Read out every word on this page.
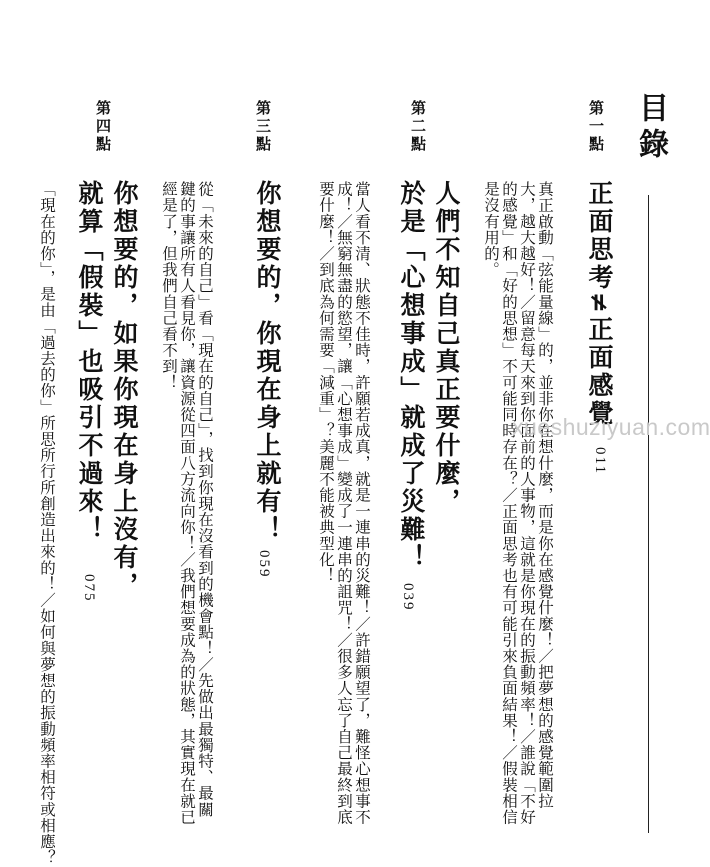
目錄
第一點
正面思考≠正面感覺
011
真正啟動「弦能量線」的，並非你在想什麼，而是你在感覺什麼！／把夢想的感覺範圍拉
大，越大越好！／留意每天來到你面前的人事物，這就是你現在的振動頻率！／誰說「不好
的感覺」和「好的思想」不可能同時存在？／正面思考也有可能引來負面結果！／假裝相信
是沒有用的。
第二點
人們不知自己真正要什麼，
於是「心想事成」就成了災難！
039
當人看不清、狀態不佳時，許願若成真，就是一連串的災難！／許錯願望了，難怪心想事不
成！／無窮無盡的慾望，讓「心想事成」變成了一連串的詛咒！／很多人忘了自己最終到底
要什麼！／到底為何需要「減重」？美麗不能被典型化！
第三點
你想要的，你現在身上就有！
059
從「未來的自己」看「現在的自己」，找到你現在沒看到的機會點！／先做出最獨特、最關
鍵的事讓所有人看見你，讓資源從四面八方流向你！／我們想要成為的狀態，其實現在就已
經是了，但我們自己看不到！
第四點
你想要的，如果你現在身上沒有，
就算「假裝」也吸引不過來！
075
「現在的你」，是由「過去的你」所思所行所創造出來的！／如何與夢想的振動頻率相符或相應？	xueshuziyuan.com
